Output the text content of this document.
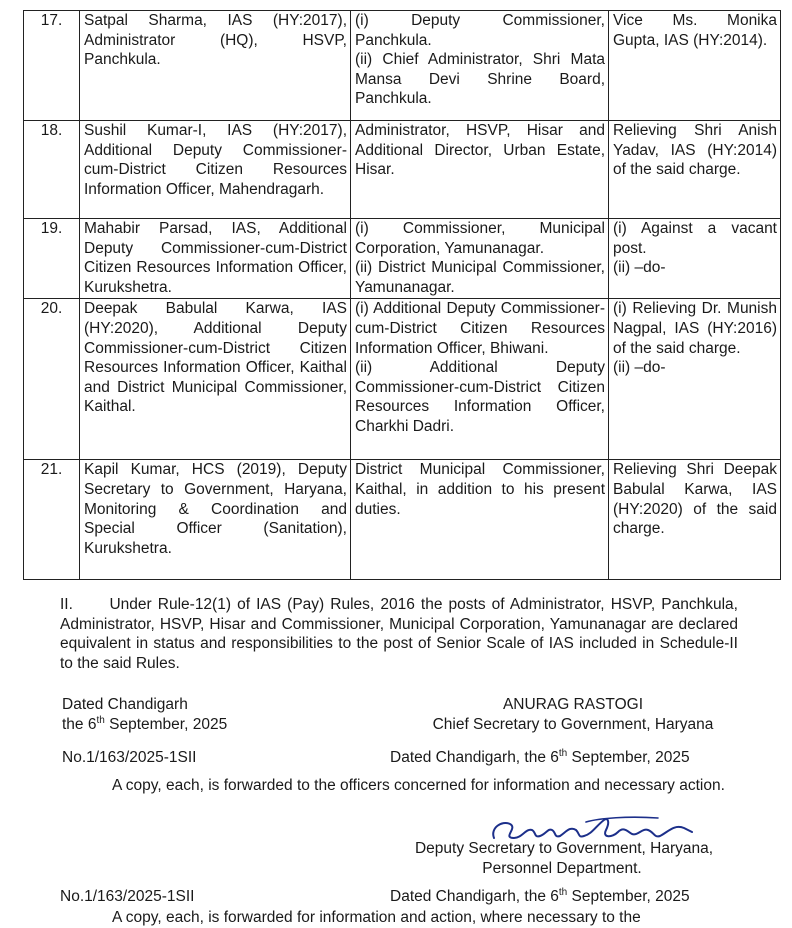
17.	Satpal Sharma, IAS (HY:2017), Administrator (HQ), HSVP, Panchkula.	(i) Deputy Commissioner, Panchkula.
(ii) Chief Administrator, Shri Mata Mansa Devi Shrine Board, Panchkula.	Vice Ms. Monika Gupta, IAS (HY:2014).

18.	Sushil Kumar-I, IAS (HY:2017), Additional Deputy Commissioner-cum-District Citizen Resources Information Officer, Mahendragarh.	Administrator, HSVP, Hisar and Additional Director, Urban Estate, Hisar.	Relieving Shri Anish Yadav, IAS (HY:2014) of the said charge.

19.	Mahabir Parsad, IAS, Additional Deputy Commissioner-cum-District Citizen Resources Information Officer, Kurukshetra.	(i) Commissioner, Municipal Corporation, Yamunanagar.
(ii) District Municipal Commissioner, Yamunanagar.	(i) Against a vacant post.
(ii) –do-

20.	Deepak Babulal Karwa, IAS (HY:2020), Additional Deputy Commissioner-cum-District Citizen Resources Information Officer, Kaithal and District Municipal Commissioner, Kaithal.	(i) Additional Deputy Commissioner-cum-District Citizen Resources Information Officer, Bhiwani.
(ii) Additional Deputy Commissioner-cum-District Citizen Resources Information Officer, Charkhi Dadri.	(i) Relieving Dr. Munish Nagpal, IAS (HY:2016) of the said charge.
(ii) –do-

21.	Kapil Kumar, HCS (2019), Deputy Secretary to Government, Haryana, Monitoring & Coordination and Special Officer (Sanitation), Kurukshetra.	District Municipal Commissioner, Kaithal, in addition to his present duties.	Relieving Shri Deepak Babulal Karwa, IAS (HY:2020) of the said charge.
II.      Under Rule-12(1) of IAS (Pay) Rules, 2016 the posts of Administrator, HSVP, Panchkula, Administrator, HSVP, Hisar and Commissioner, Municipal Corporation, Yamunanagar are declared equivalent in status and responsibilities to the post of Senior Scale of IAS included in Schedule-II to the said Rules.
Dated Chandigarh
the 6th September, 2025
ANURAG RASTOGI
Chief Secretary to Government, Haryana
No.1/163/2025-1SII	Dated Chandigarh, the 6th September, 2025
A copy, each, is forwarded to the officers concerned for information and necessary action.
Deputy Secretary to Government, Haryana,
Personnel Department.
No.1/163/2025-1SII	Dated Chandigarh, the 6th September, 2025
A copy, each, is forwarded for information and action, where necessary to the
